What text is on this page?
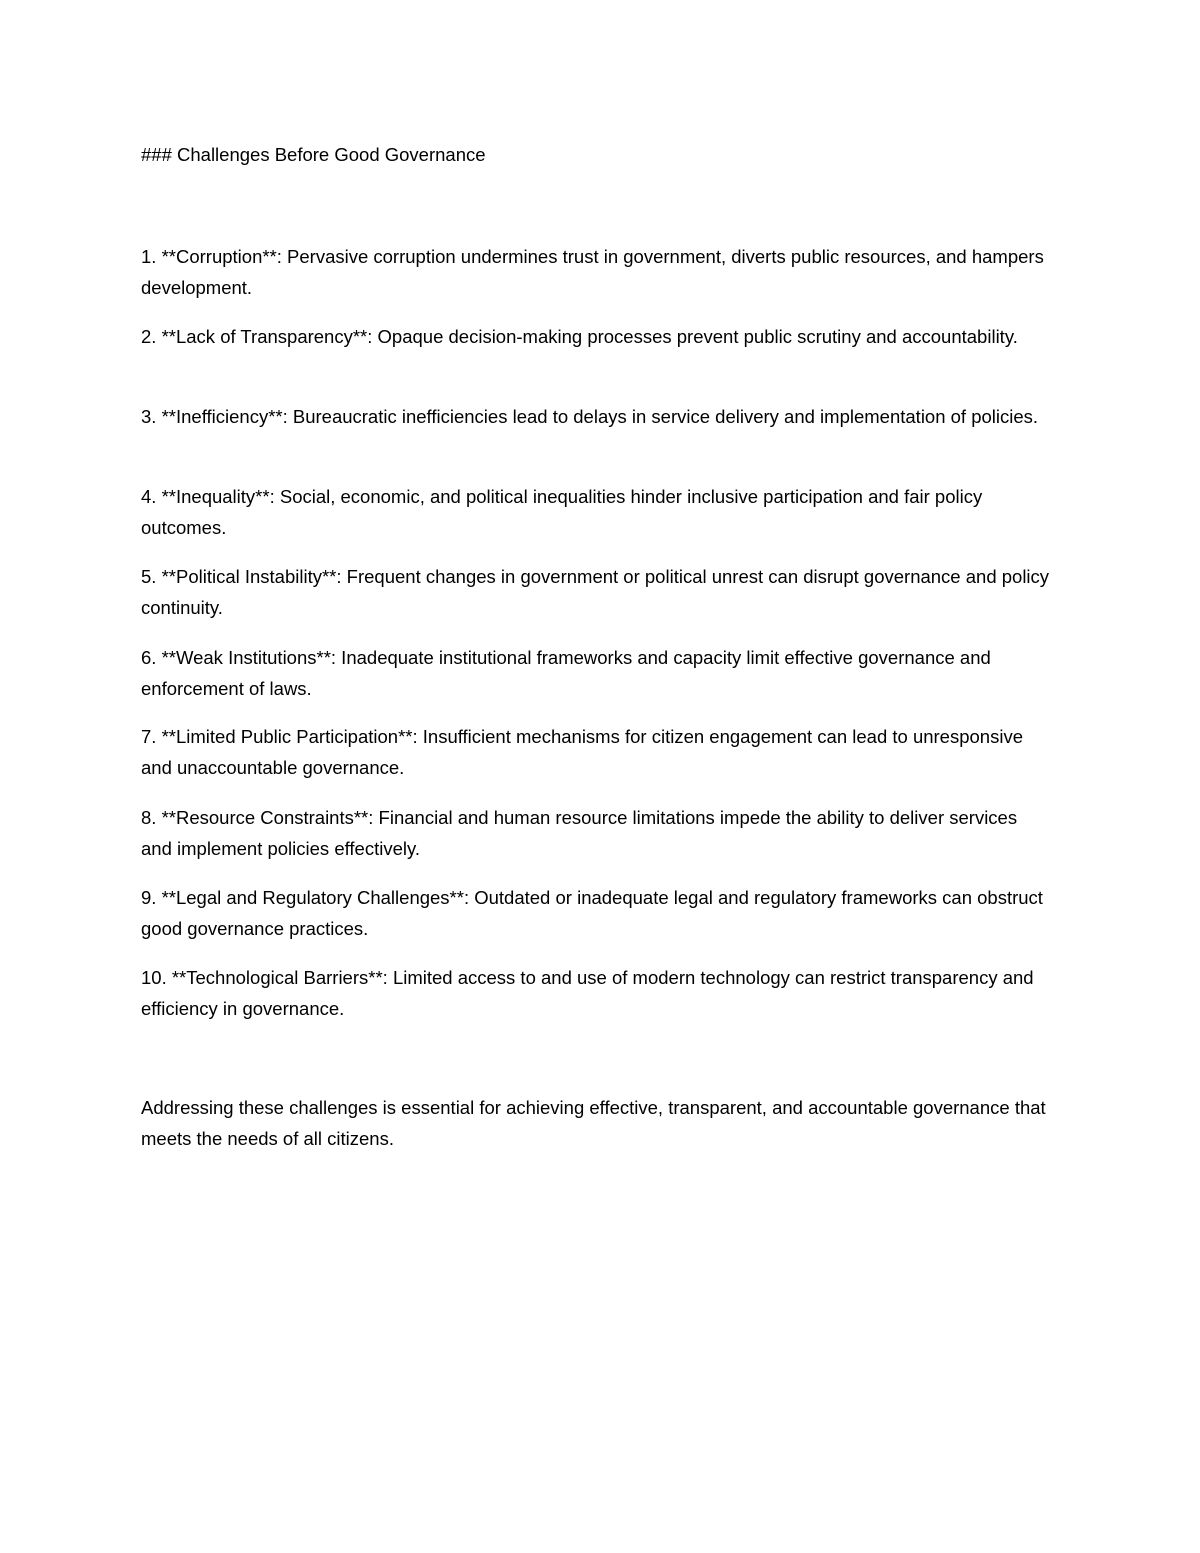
### Challenges Before Good Governance
1. **Corruption**: Pervasive corruption undermines trust in government, diverts public resources, and hampers development.
2. **Lack of Transparency**: Opaque decision-making processes prevent public scrutiny and accountability.
3. **Inefficiency**: Bureaucratic inefficiencies lead to delays in service delivery and implementation of policies.
4. **Inequality**: Social, economic, and political inequalities hinder inclusive participation and fair policy outcomes.
5. **Political Instability**: Frequent changes in government or political unrest can disrupt governance and policy continuity.
6. **Weak Institutions**: Inadequate institutional frameworks and capacity limit effective governance and enforcement of laws.
7. **Limited Public Participation**: Insufficient mechanisms for citizen engagement can lead to unresponsive and unaccountable governance.
8. **Resource Constraints**: Financial and human resource limitations impede the ability to deliver services and implement policies effectively.
9. **Legal and Regulatory Challenges**: Outdated or inadequate legal and regulatory frameworks can obstruct good governance practices.
10. **Technological Barriers**: Limited access to and use of modern technology can restrict transparency and efficiency in governance.
Addressing these challenges is essential for achieving effective, transparent, and accountable governance that meets the needs of all citizens.
